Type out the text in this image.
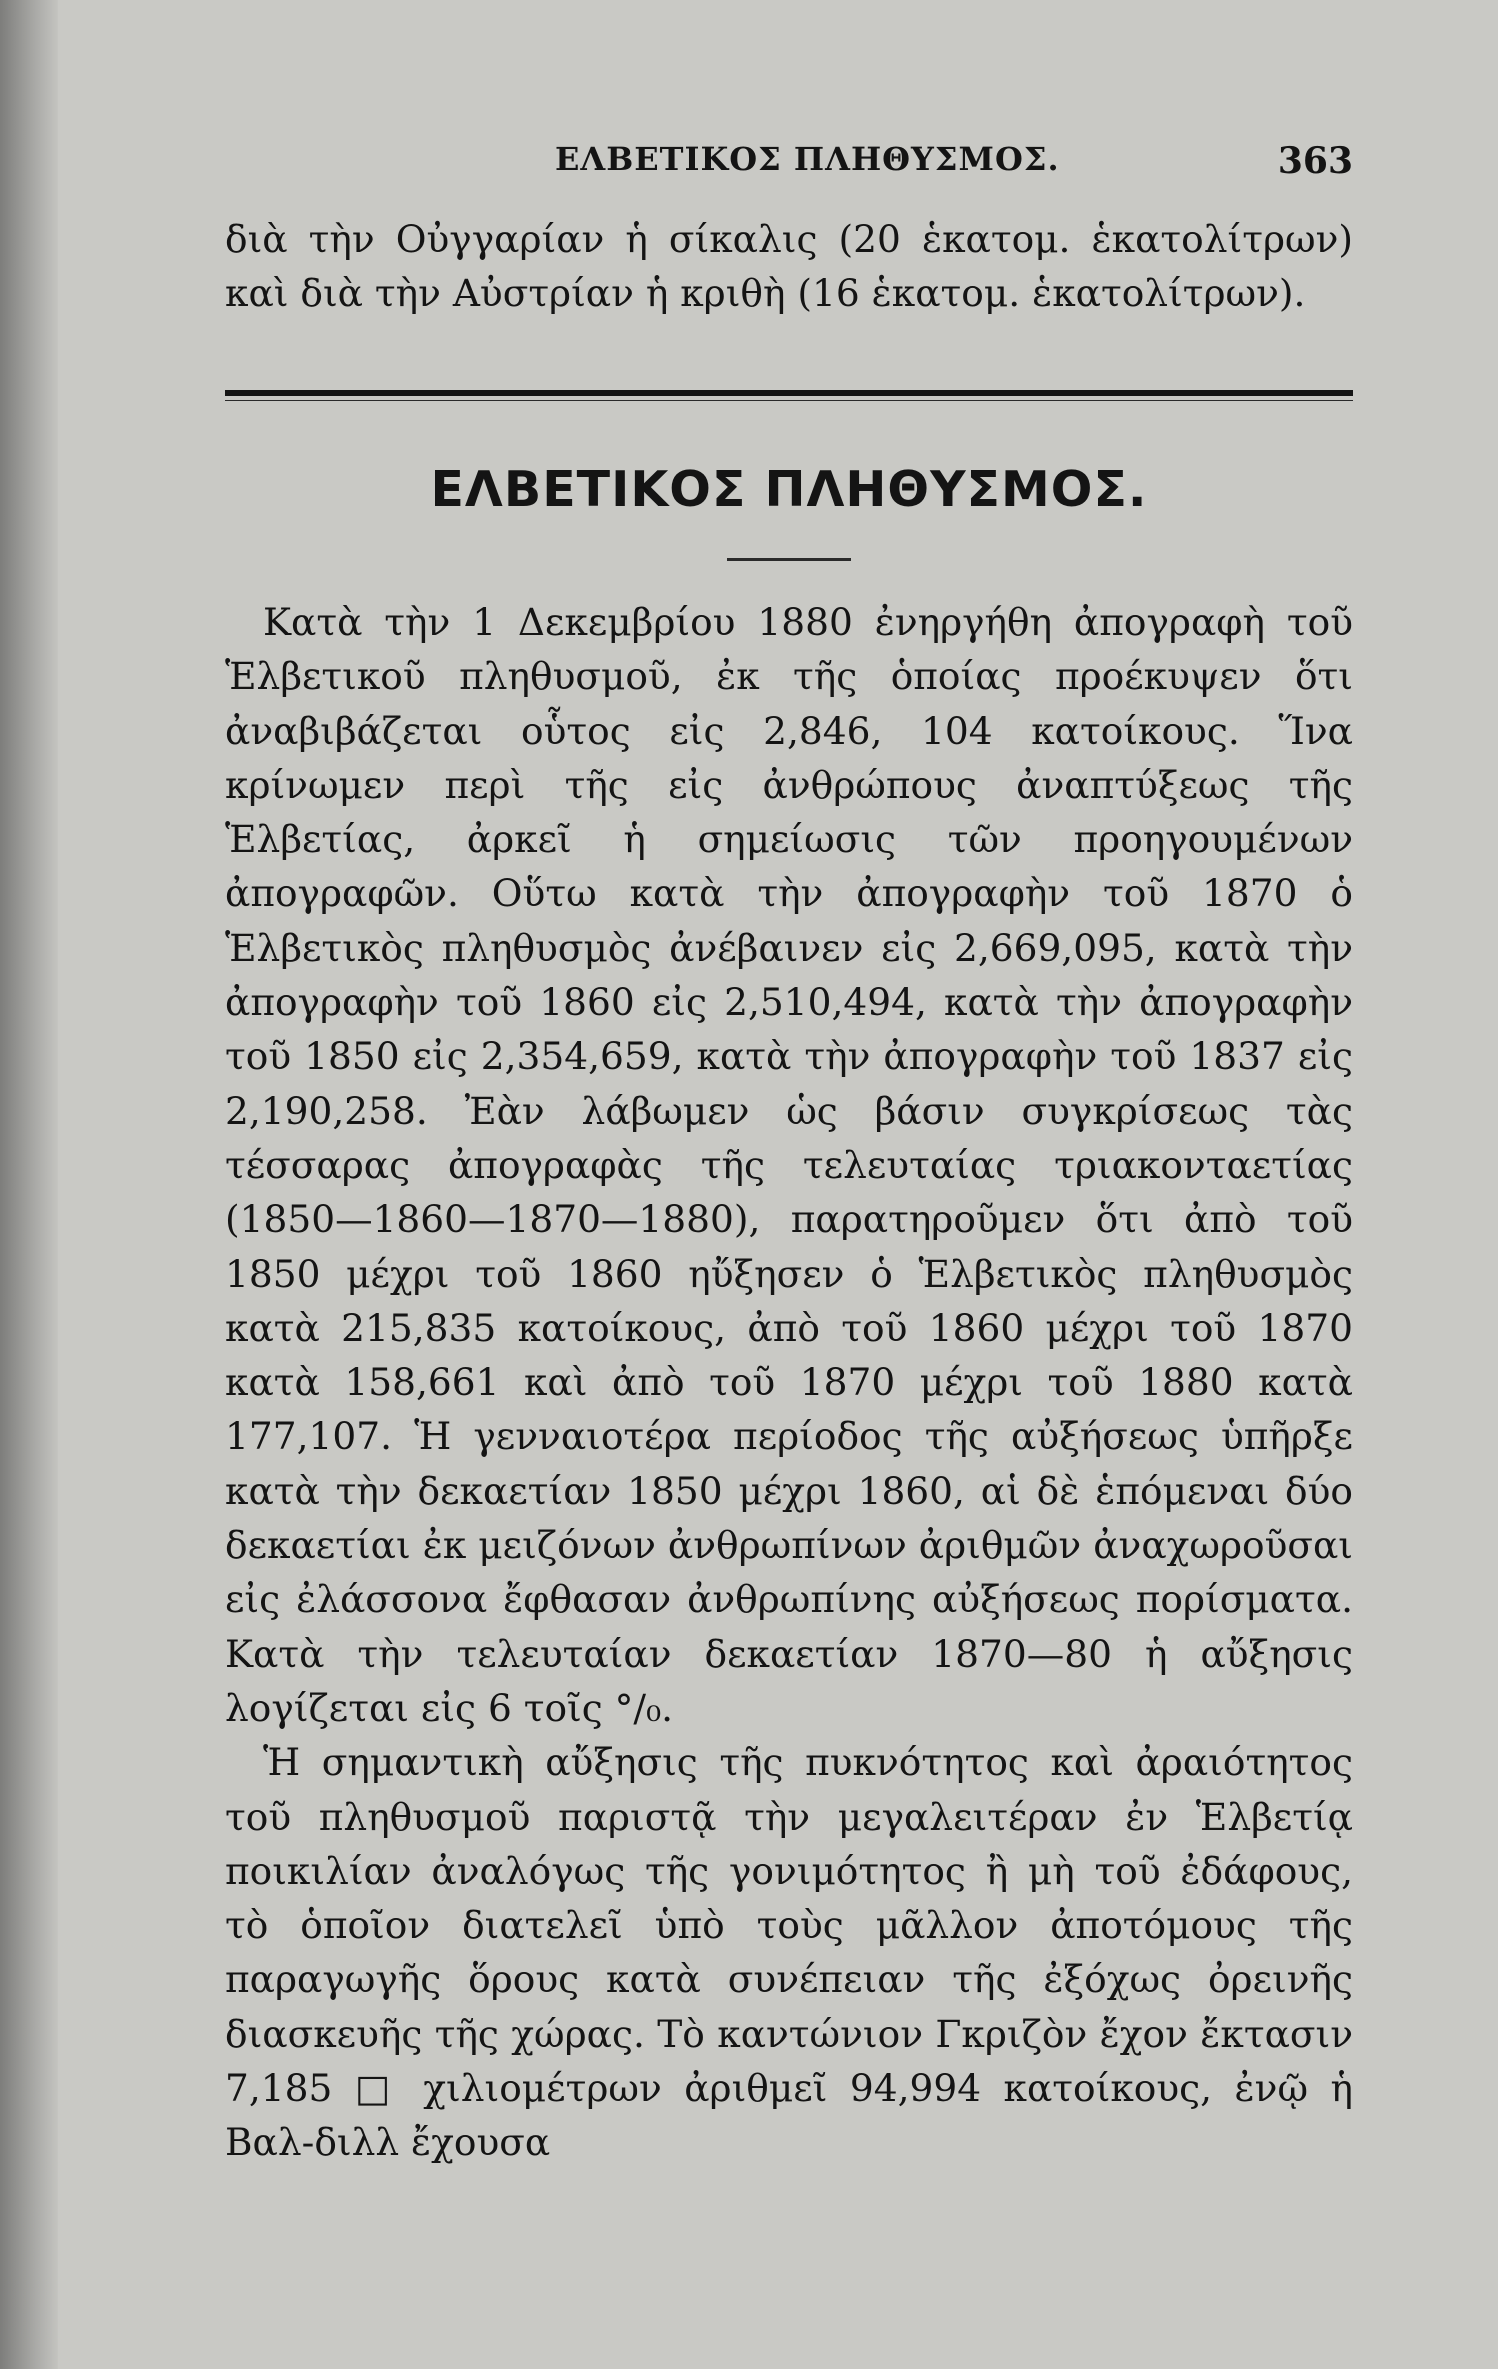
ΕΛΒΕΤΙΚΟΣ ΠΛΗΘΥΣΜΟΣ.	363

διὰ τὴν Οὐγγαρίαν ἡ σίκαλις (20 ἑκατομ. ἑκατολίτρων) καὶ διὰ τὴν Αὐστρίαν ἡ κριθὴ (16 ἑκατομ. ἑκατολίτρων).

ΕΛΒΕΤΙΚΟΣ ΠΛΗΘΥΣΜΟΣ.

Κατὰ τὴν 1 Δεκεμβρίου 1880 ἐνηργήθη ἀπογραφὴ τοῦ Ἑλβετικοῦ πληθυσμοῦ, ἐκ τῆς ὁποίας προέκυψεν ὅτι ἀναβιβάζεται οὗτος εἰς 2,846, 104 κατοίκους. Ἵνα κρίνωμεν περὶ τῆς εἰς ἀνθρώπους ἀναπτύξεως τῆς Ἑλβετίας, ἀρκεῖ ἡ σημείωσις τῶν προηγουμένων ἀπογραφῶν. Οὕτω κατὰ τὴν ἀπογραφὴν τοῦ 1870 ὁ Ἑλβετικὸς πληθυσμὸς ἀνέβαινεν εἰς 2,669,095, κατὰ τὴν ἀπογραφὴν τοῦ 1860 εἰς 2,510,494, κατὰ τὴν ἀπογραφὴν τοῦ 1850 εἰς 2,354,659, κατὰ τὴν ἀπογραφὴν τοῦ 1837 εἰς 2,190,258. Ἐὰν λάβωμεν ὡς βάσιν συγκρίσεως τὰς τέσσαρας ἀπογραφὰς τῆς τελευταίας τριακονταετίας (1850—1860—1870—1880), παρατηροῦμεν ὅτι ἀπὸ τοῦ 1850 μέχρι τοῦ 1860 ηὔξησεν ὁ Ἑλβετικὸς πληθυσμὸς κατὰ 215,835 κατοίκους, ἀπὸ τοῦ 1860 μέχρι τοῦ 1870 κατὰ 158,661 καὶ ἀπὸ τοῦ 1870 μέχρι τοῦ 1880 κατὰ 177,107. Ἡ γενναιοτέρα περίοδος τῆς αὐξήσεως ὑπῆρξε κατὰ τὴν δεκαετίαν 1850 μέχρι 1860, αἱ δὲ ἑπόμεναι δύο δεκαετίαι ἐκ μειζόνων ἀνθρωπίνων ἀριθμῶν ἀναχωροῦσαι εἰς ἐλάσσονα ἔφθασαν ἀνθρωπίνης αὐξήσεως πορίσματα. Κατὰ τὴν τελευταίαν δεκαετίαν 1870—80 ἡ αὔξησις λογίζεται εἰς 6 τοῖς °/₀.

Ἡ σημαντικὴ αὔξησις τῆς πυκνότητος καὶ ἀραιότητος τοῦ πληθυσμοῦ παριστᾷ τὴν μεγαλειτέραν ἐν Ἑλβετίᾳ ποικιλίαν ἀναλόγως τῆς γονιμότητος ἢ μὴ τοῦ ἐδάφους, τὸ ὁποῖον διατελεῖ ὑπὸ τοὺς μᾶλλον ἀποτόμους τῆς παραγωγῆς ὅρους κατὰ συνέπειαν τῆς ἐξόχως ὀρεινῆς διασκευῆς τῆς χώρας. Τὸ καντώνιον Γκριζὸν ἔχον ἔκτασιν 7,185 □ χιλιομέτρων ἀριθμεῖ 94,994 κατοίκους, ἐνῷ ἡ Βαλ-διλλ ἔχουσα
